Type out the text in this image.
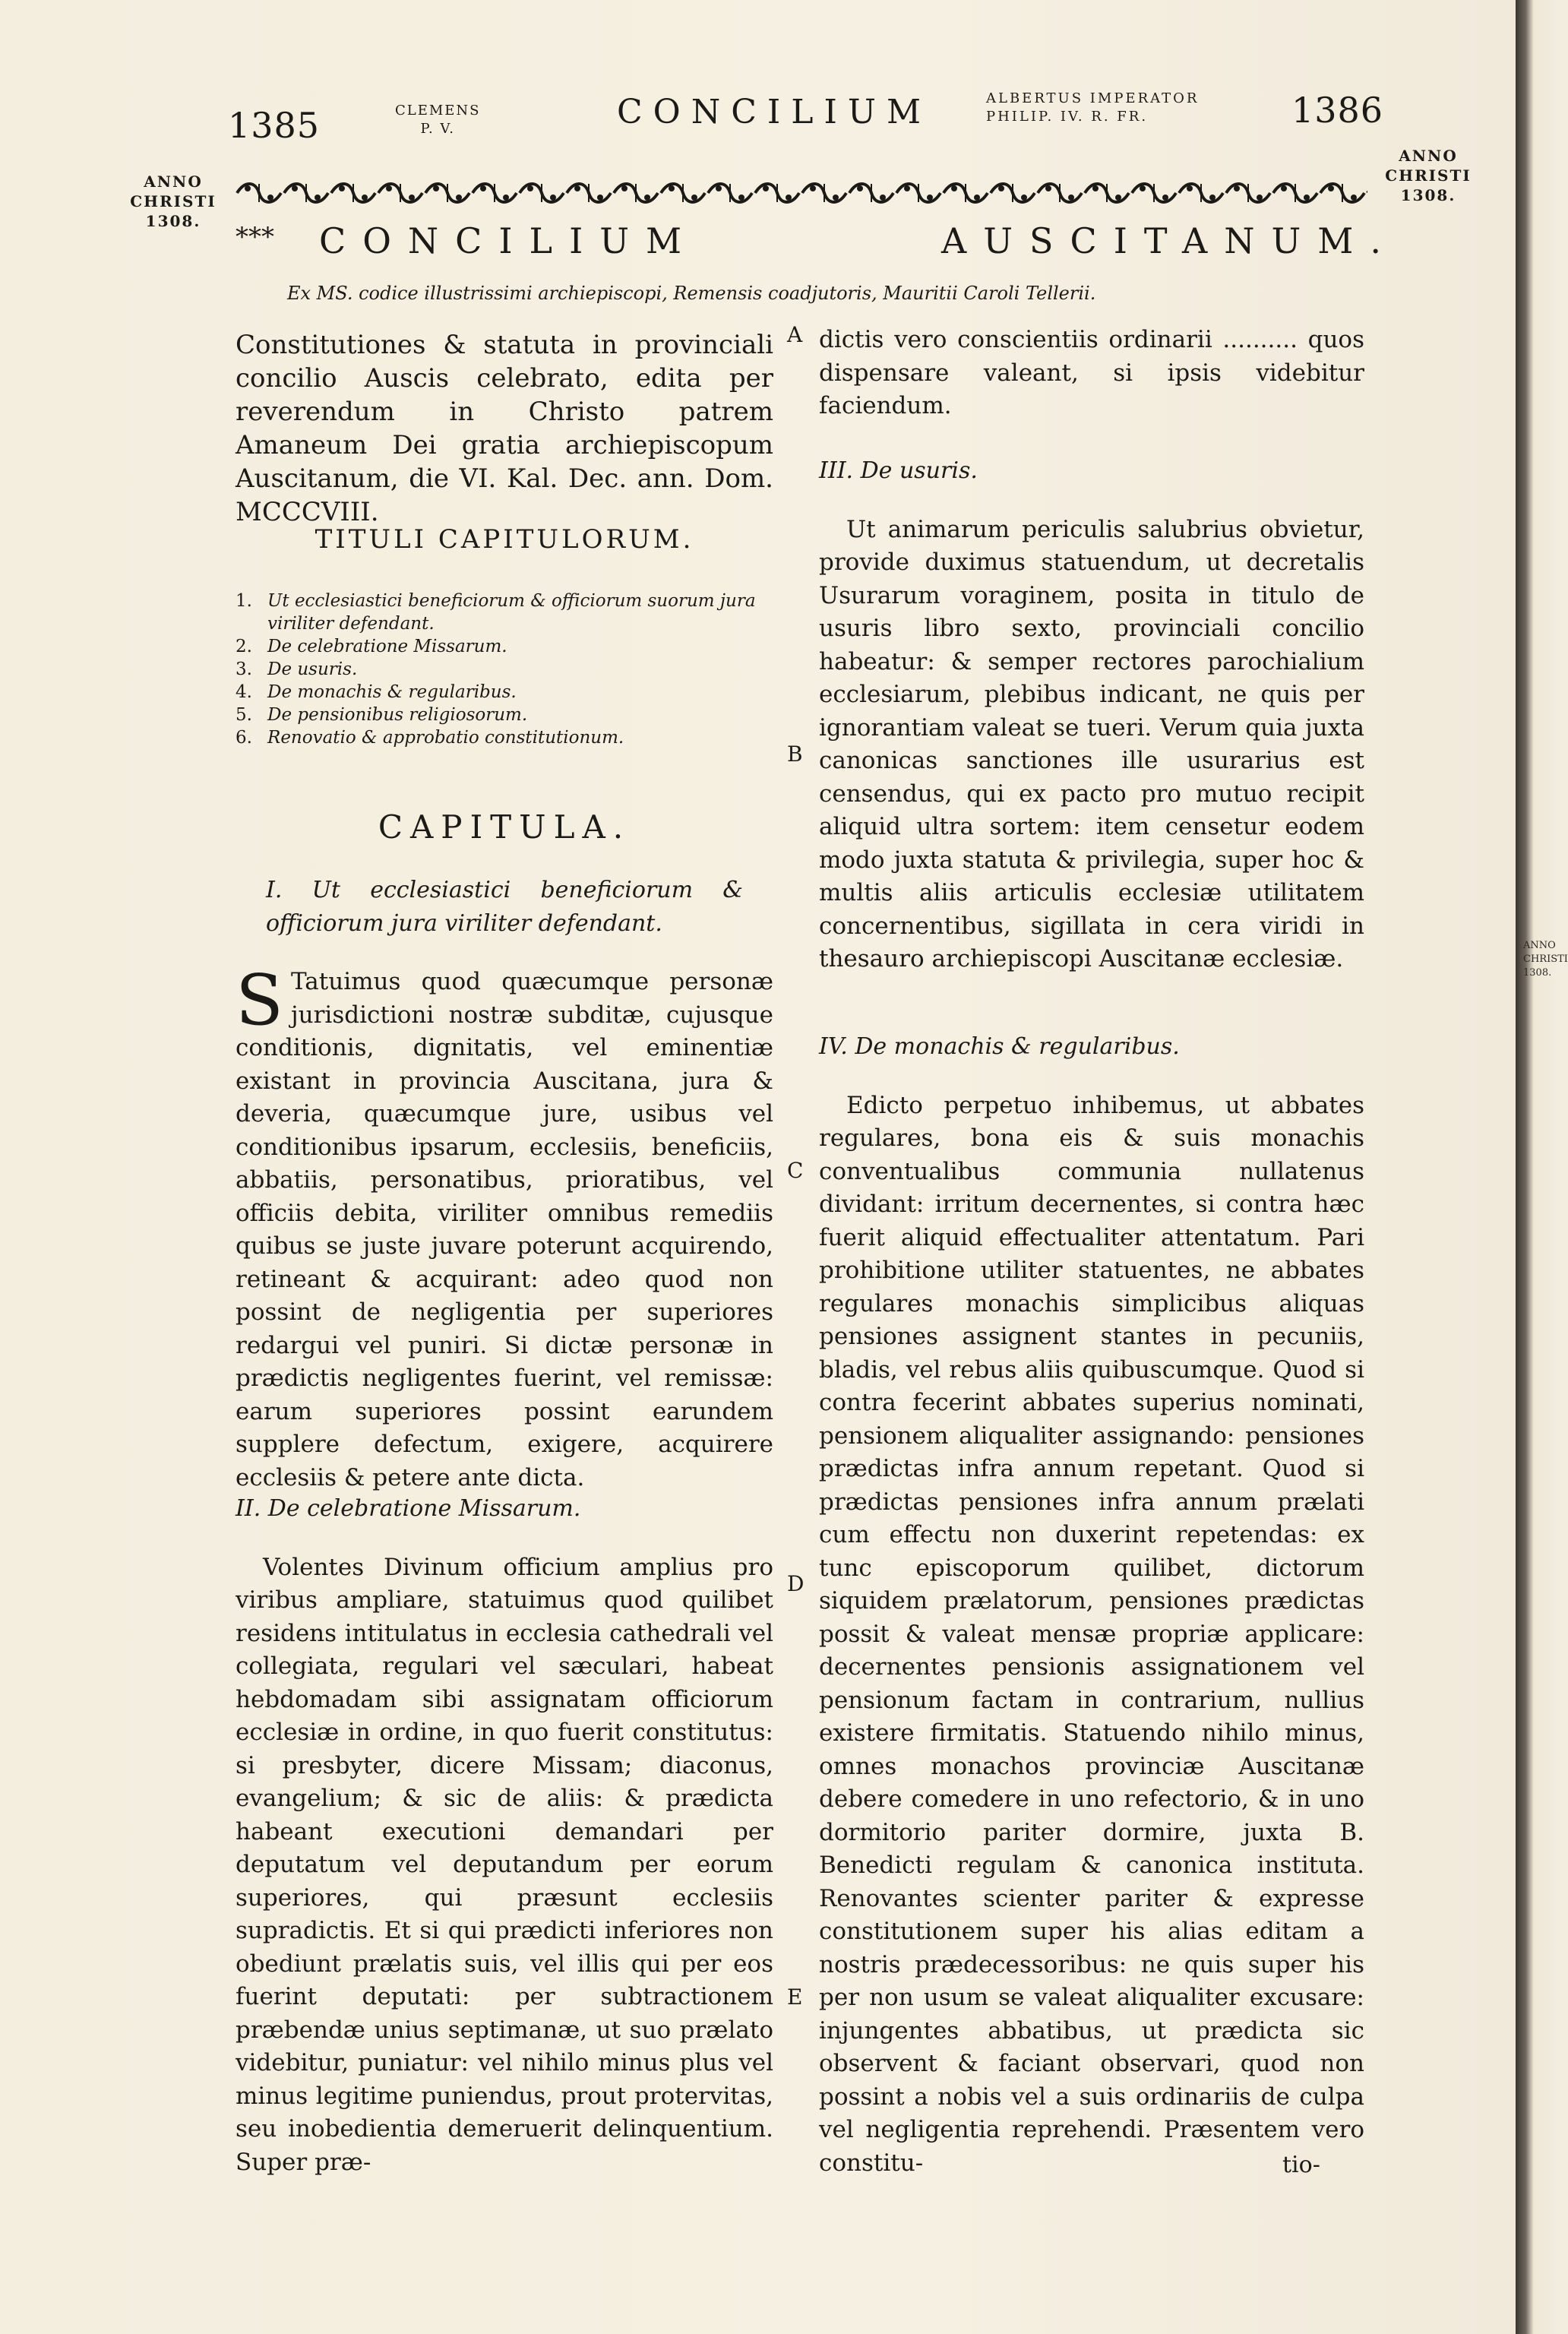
1385	CLEMENS
P. V.	CONCILIUM	ALBERTUS IMPERATOR
PHILIP. IV. R. FR.	1386
ANNO
CHRISTI
1308.
ANNO
CHRISTI
1308.
*** CONCILIUM	AUSCITANUM.
Ex MS. codice illustrissimi archiepiscopi, Remensis coadjutoris, Mauritii Caroli Tellerii.
A
B
C
D
E

Constitutiones & statuta in provinciali concilio Auscis celebrato, edita per reverendum in Christo patrem Amaneum Dei gratia archiepiscopum Auscitanum, die VI. Kal. Dec. ann. Dom. MCCCVIII.

TITULI CAPITULORUM.
1. Ut ecclesiastici beneficiorum & officiorum suorum jura viriliter defendant.
2. De celebratione Missarum.
3. De usuris.
4. De monachis & regularibus.
5. De pensionibus religiosorum.
6. Renovatio & approbatio constitutionum.
CAPITULA.

I. Ut ecclesiastici beneficiorum & officiorum jura viriliter defendant.

S Tatuimus quod quæcumque personæ jurisdictioni nostræ subditæ, cujusque conditionis, dignitatis, vel eminentiæ existant in provincia Auscitana, jura & deveria, quæcumque jure, usibus vel conditionibus ipsarum, ecclesiis, beneficiis, abbatiis, personatibus, prioratibus, vel officiis debita, viriliter omnibus remediis quibus se juste juvare poterunt acquirendo, retineant & acquirant: adeo quod non possint de negligentia per superiores redargui vel puniri. Si dictæ personæ in prædictis negligentes fuerint, vel remissæ: earum superiores possint earundem supplere defectum, exigere, acquirere ecclesiis & petere ante dicta.

II. De celebratione Missarum.

Volentes Divinum officium amplius pro viribus ampliare, statuimus quod quilibet residens intitulatus in ecclesia cathedrali vel collegiata, regulari vel sæculari, habeat hebdomadam sibi assignatam officiorum ecclesiæ in ordine, in quo fuerit constitutus: si presbyter, dicere Missam; diaconus, evangelium; & sic de aliis: & prædicta habeant executioni demandari per deputatum vel deputandum per eorum superiores, qui præsunt ecclesiis supradictis. Et si qui prædicti inferiores non obediunt prælatis suis, vel illis qui per eos fuerint deputati: per subtractionem præbendæ unius septimanæ, ut suo prælato videbitur, puniatur: vel nihilo minus plus vel minus legitime puniendus, prout protervitas, seu inobedientia demeruerit delinquentium. Super præ-

dictis vero conscientiis ordinarii .......... quos dispensare valeant, si ipsis videbitur faciendum.

III. De usuris.

Ut animarum periculis salubrius obvietur, provide duximus statuendum, ut decretalis Usurarum voraginem, posita in titulo de usuris libro sexto, provinciali concilio habeatur: & semper rectores parochialium ecclesiarum, plebibus indicant, ne quis per ignorantiam valeat se tueri. Verum quia juxta canonicas sanctiones ille usurarius est censendus, qui ex pacto pro mutuo recipit aliquid ultra sortem: item censetur eodem modo juxta statuta & privilegia, super hoc & multis aliis articulis ecclesiæ utilitatem concernentibus, sigillata in cera viridi in thesauro archiepiscopi Auscitanæ ecclesiæ.

IV. De monachis & regularibus.

Edicto perpetuo inhibemus, ut abbates regulares, bona eis & suis monachis conventualibus communia nullatenus dividant: irritum decernentes, si contra hæc fuerit aliquid effectualiter attentatum. Pari prohibitione utiliter statuentes, ne abbates regulares monachis simplicibus aliquas pensiones assignent stantes in pecuniis, bladis, vel rebus aliis quibuscumque. Quod si contra fecerint abbates superius nominati, pensionem aliqualiter assignando: pensiones prædictas infra annum repetant. Quod si prædictas pensiones infra annum prælati cum effectu non duxerint repetendas: ex tunc episcoporum quilibet, dictorum siquidem prælatorum, pensiones prædictas possit & valeat mensæ propriæ applicare: decernentes pensionis assignationem vel pensionum factam in contrarium, nullius existere firmitatis. Statuendo nihilo minus, omnes monachos provinciæ Auscitanæ debere comedere in uno refectorio, & in uno dormitorio pariter dormire, juxta B. Benedicti regulam & canonica instituta. Renovantes scienter pariter & expresse constitutionem super his alias editam a nostris prædecessoribus: ne quis super his per non usum se valeat aliqualiter excusare: injungentes abbatibus, ut prædicta sic observent & faciant observari, quod non possint a nobis vel a suis ordinariis de culpa vel negligentia reprehendi. Præsentem vero constitu-	tio-
ANNO
CHRISTI
1308.
